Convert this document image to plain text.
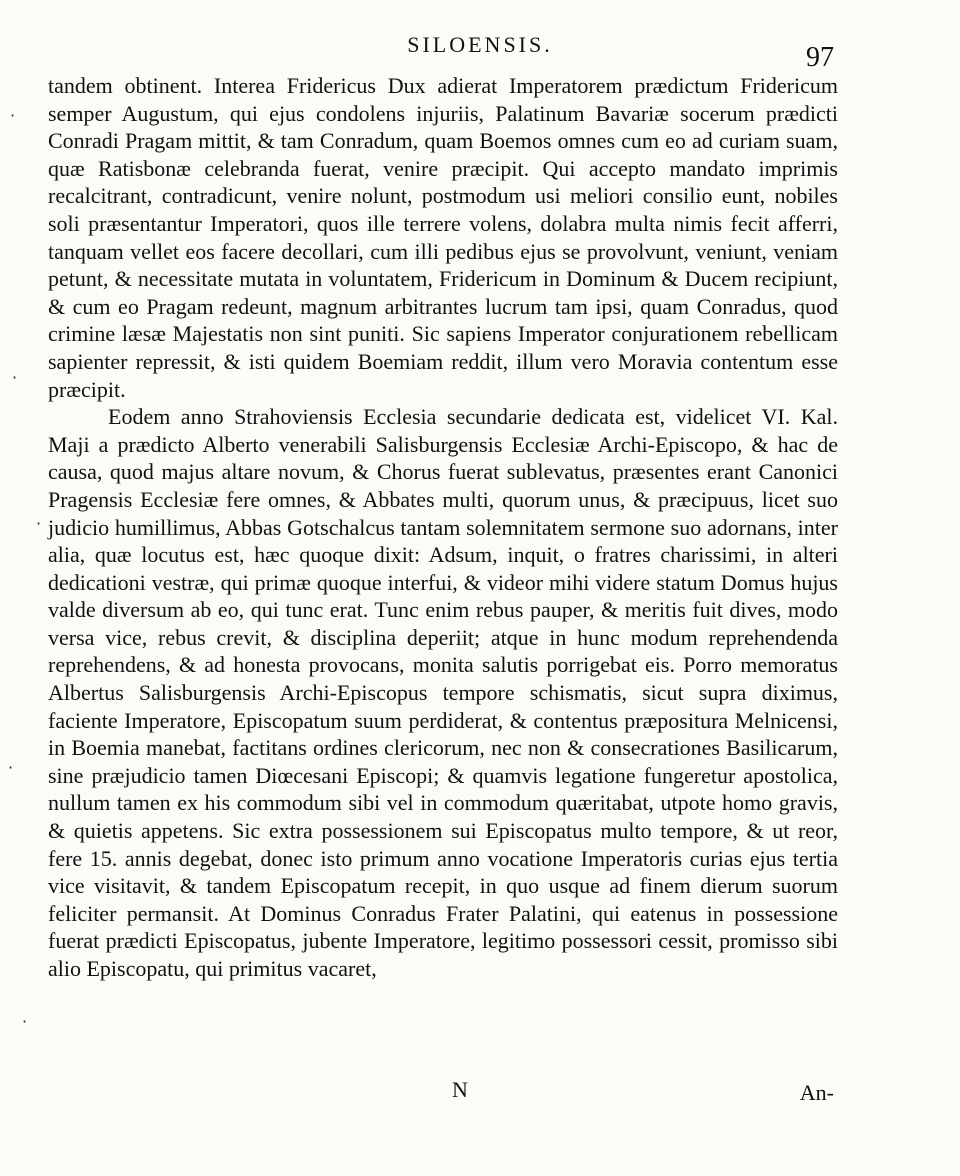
SILOENSIS.	97

tandem obtinent. Interea Fridericus Dux adierat Imperatorem prædictum Fridericum semper Augustum, qui ejus condolens injuriis, Palatinum Bavariæ socerum prædicti Conradi Pragam mittit, & tam Conradum, quam Boemos omnes cum eo ad curiam suam, quæ Ratisbonæ celebranda fuerat, venire præcipit. Qui accepto mandato imprimis recalcitrant, contradicunt, venire nolunt, postmodum usi meliori consilio eunt, nobiles soli præsentantur Imperatori, quos ille terrere volens, dolabra multa nimis fecit afferri, tanquam vellet eos facere decollari, cum illi pedibus ejus se provolvunt, veniunt, veniam petunt, & necessitate mutata in voluntatem, Fridericum in Dominum & Ducem recipiunt, & cum eo Pragam redeunt, magnum arbitrantes lucrum tam ipsi, quam Conradus, quod crimine læsæ Majestatis non sint puniti. Sic sapiens Imperator conjurationem rebellicam sapienter repressit, & isti quidem Boemiam reddit, illum vero Moravia contentum esse præcipit.

Eodem anno Strahoviensis Ecclesia secundarie dedicata est, videlicet VI. Kal. Maji a prædicto Alberto venerabili Salisburgensis Ecclesiæ Archi-Episcopo, & hac de causa, quod majus altare novum, & Chorus fuerat sublevatus, præsentes erant Canonici Pragensis Ecclesiæ fere omnes, & Abbates multi, quorum unus, & præcipuus, licet suo judicio humillimus, Abbas Gotschalcus tantam solemnitatem sermone suo adornans, inter alia, quæ locutus est, hæc quoque dixit: Adsum, inquit, o fratres charissimi, in alteri dedicationi vestræ, qui primæ quoque interfui, & videor mihi videre statum Domus hujus valde diversum ab eo, qui tunc erat. Tunc enim rebus pauper, & meritis fuit dives, modo versa vice, rebus crevit, & disciplina deperiit; atque in hunc modum reprehendenda reprehendens, & ad honesta provocans, monita salutis porrigebat eis. Porro memoratus Albertus Salisburgensis Archi-Episcopus tempore schismatis, sicut supra diximus, faciente Imperatore, Episcopatum suum perdiderat, & contentus præpositura Melnicensi, in Boemia manebat, factitans ordines clericorum, nec non & consecrationes Basilicarum, sine præjudicio tamen Diœcesani Episcopi; & quamvis legatione fungeretur apostolica, nullum tamen ex his commodum sibi vel in commodum quæritabat, utpote homo gravis, & quietis appetens. Sic extra possessionem sui Episcopatus multo tempore, & ut reor, fere 15. annis degebat, donec isto primum anno vocatione Imperatoris curias ejus tertia vice visitavit, & tandem Episcopatum recepit, in quo usque ad finem dierum suorum feliciter permansit. At Dominus Conradus Frater Palatini, qui eatenus in possessione fuerat prædicti Episcopatus, jubente Imperatore, legitimo possessori cessit, promisso sibi alio Episcopatu, qui primitus vacaret,

N	An-
·
·
·
·
·
